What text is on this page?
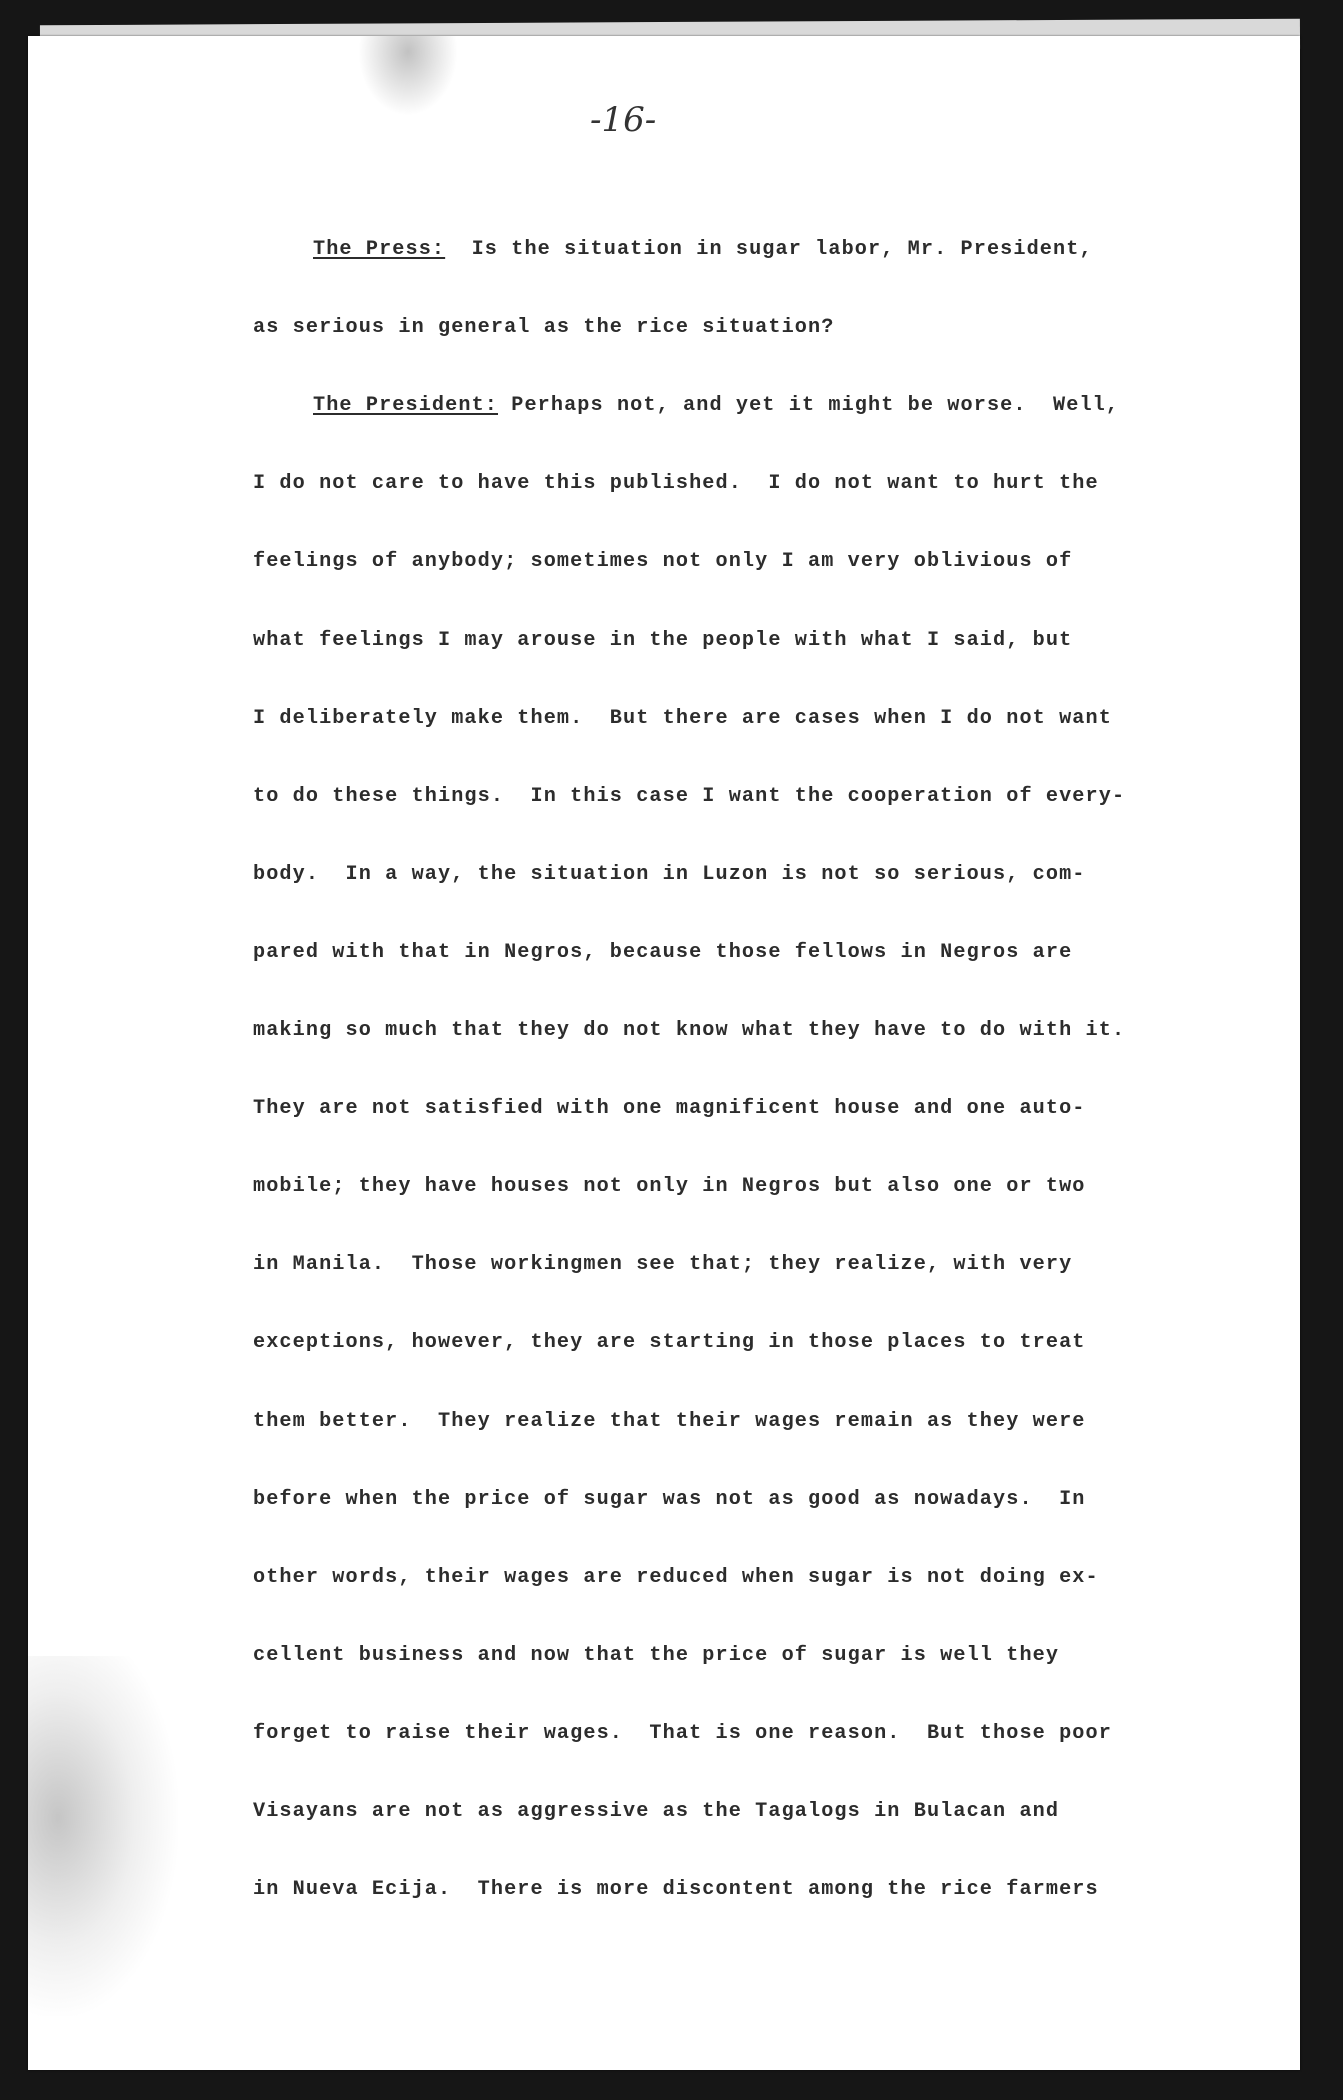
-16-
The Press:  Is the situation in sugar labor, Mr. President,
as serious in general as the rice situation?
The President: Perhaps not, and yet it might be worse.  Well,
I do not care to have this published.  I do not want to hurt the
feelings of anybody; sometimes not only I am very oblivious of
what feelings I may arouse in the people with what I said, but
I deliberately make them.  But there are cases when I do not want
to do these things.  In this case I want the cooperation of every-
body.  In a way, the situation in Luzon is not so serious, com-
pared with that in Negros, because those fellows in Negros are
making so much that they do not know what they have to do with it.
They are not satisfied with one magnificent house and one auto-
mobile; they have houses not only in Negros but also one or two
in Manila.  Those workingmen see that; they realize, with very
exceptions, however, they are starting in those places to treat
them better.  They realize that their wages remain as they were
before when the price of sugar was not as good as nowadays.  In
other words, their wages are reduced when sugar is not doing ex-
cellent business and now that the price of sugar is well they
forget to raise their wages.  That is one reason.  But those poor
Visayans are not as aggressive as the Tagalogs in Bulacan and
in Nueva Ecija.  There is more discontent among the rice farmers
